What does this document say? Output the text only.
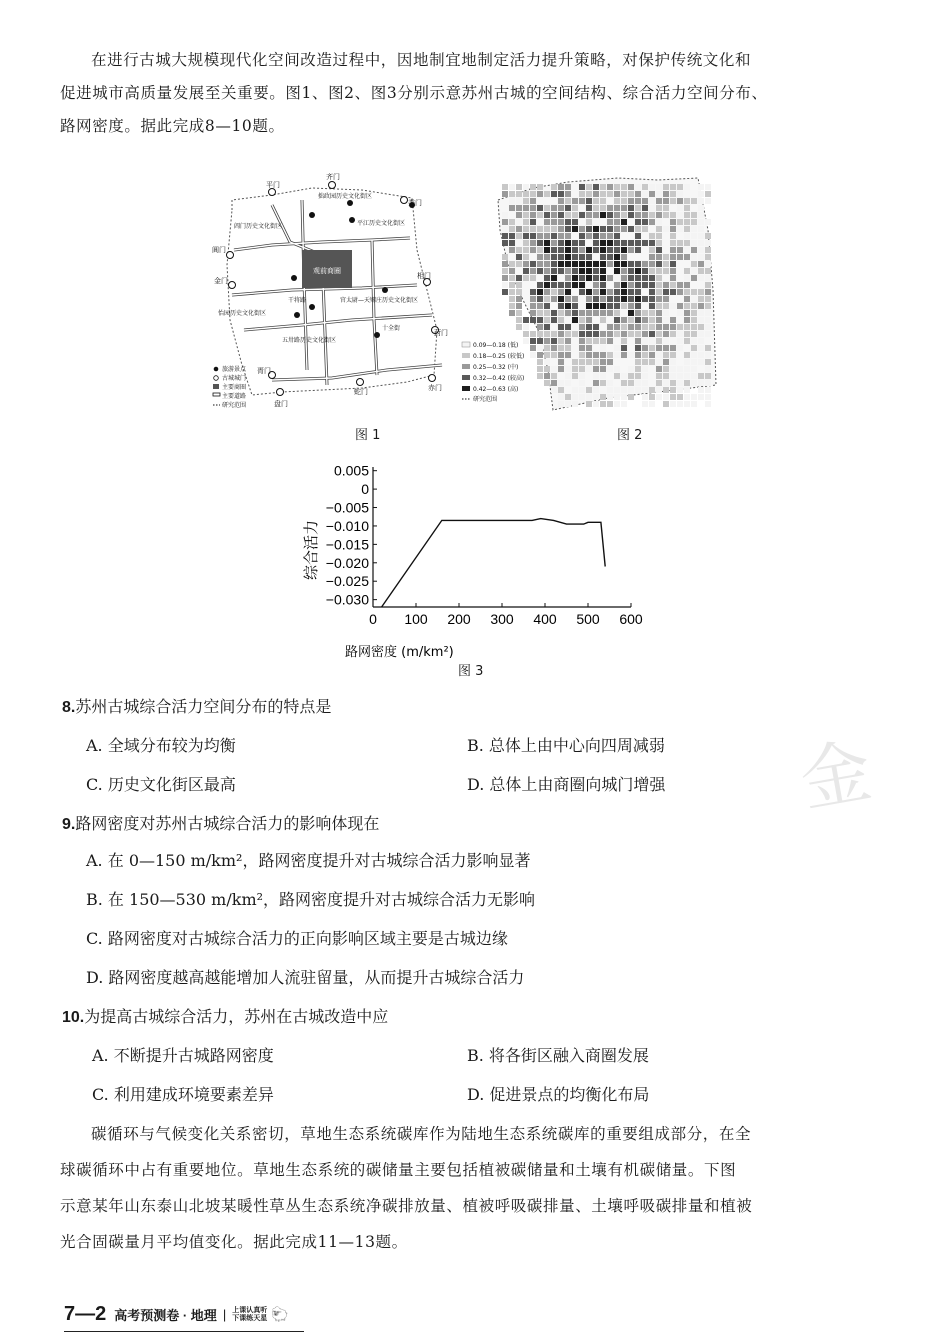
金

在进行古城大规模现代化空间改造过程中，因地制宜地制定活力提升策略，对保护传统文化和

促进城市高质量发展至关重要。图1、图2、图3分别示意苏州古城的空间结构、综合活力空间分布、

路网密度。据此完成8—10题。

观前商圈
平门
齐门
娄门
阊门
金门
相门
胥门
葑门
盘门
蛇门	赤门
拙政园历史文化街区
阊门历史文化街区	平江历史文化街区
官太尉—天赐庄历史文化街区
怡园历史文化街区
五卅路历史文化街区
干将路
十全街
旅游景点
古城城门
主要商圈
主要道路
研究范围
图 1
0.09—0.18 (低)
0.18—0.25 (较低)
0.25—0.32 (中)
0.32—0.42 (较高)
0.42—0.63 (高)
研究范围
图 2
0 100 200 300 400 500 600
0.005
0
−0.005
−0.010
−0.015
−0.020
−0.025
−0.030
路网密度 (m/km²)
综合活力
图 3
8.苏州古城综合活力空间分布的特点是
A. 全域分布较为均衡	B. 总体上由中心向四周减弱
C. 历史文化街区最高	D. 总体上由商圈向城门增强
9.路网密度对苏州古城综合活力的影响体现在
A. 在 0—150 m/km²，路网密度提升对古城综合活力影响显著
B. 在 150—530 m/km²，路网密度提升对古城综合活力无影响
C. 路网密度对古城综合活力的正向影响区域主要是古城边缘
D. 路网密度越高越能增加人流驻留量，从而提升古城综合活力
10.为提高古城综合活力，苏州在古城改造中应
A. 不断提升古城路网密度	B. 将各街区融入商圈发展
C. 利用建成环境要素差异	D. 促进景点的均衡化布局

碳循环与气候变化关系密切，草地生态系统碳库作为陆地生态系统碳库的重要组成部分，在全

球碳循环中占有重要地位。草地生态系统的碳储量主要包括植被碳储量和土壤有机碳储量。下图

示意某年山东泰山北坡某暖性草丛生态系统净碳排放量、植被呼吸碳排量、土壤呼吸碳排量和植被

光合固碳量月平均值变化。据此完成11—13题。

7—2 高考预测卷 · 地理 | 上课认真听
下课练天星 🐑
